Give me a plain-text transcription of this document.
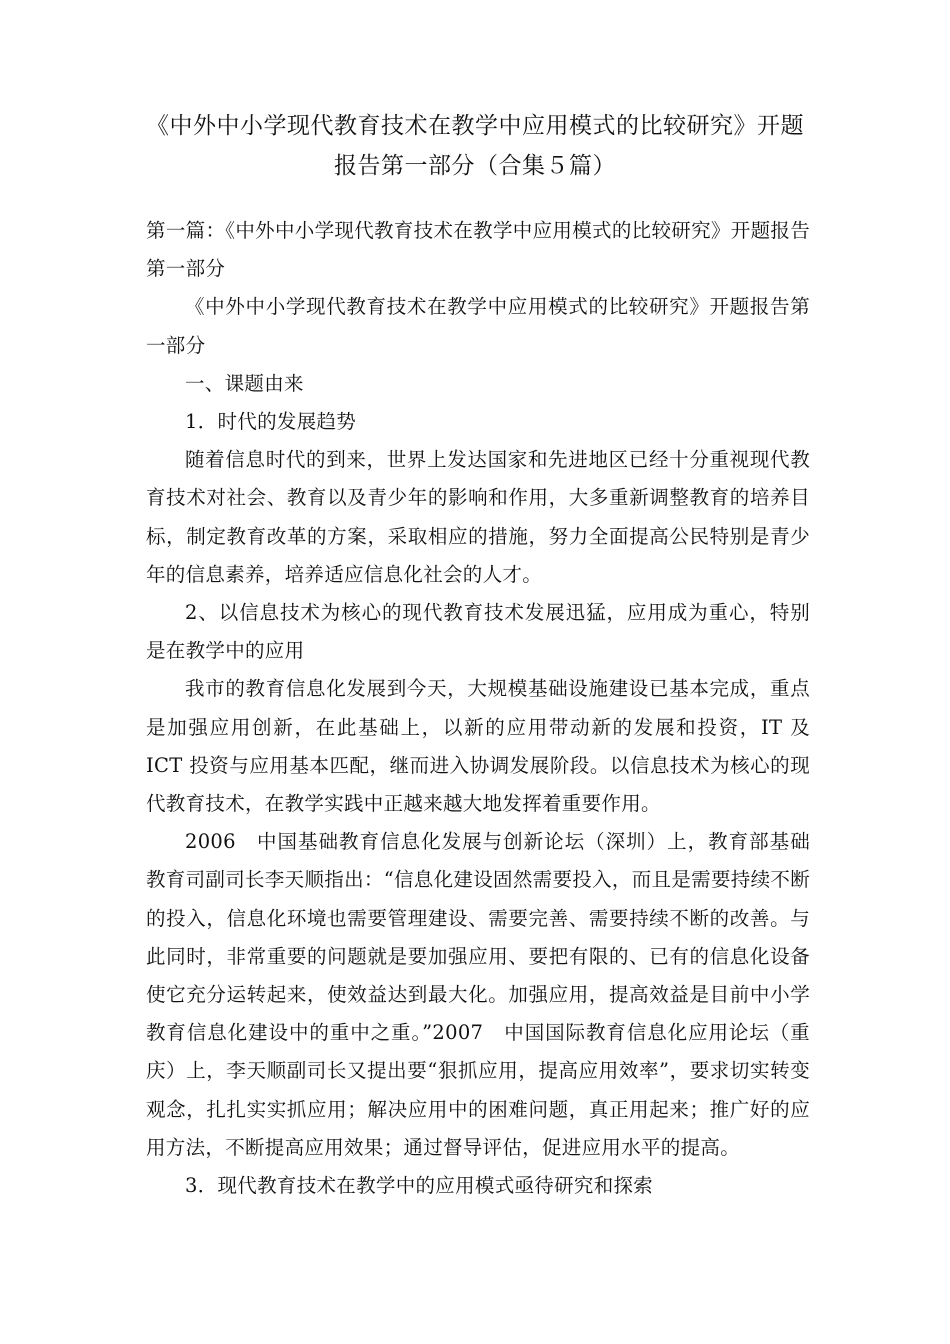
《中外中小学现代教育技术在教学中应用模式的比较研究》开题报告第一部分（合集５篇）

第一篇：《中外中小学现代教育技术在教学中应用模式的比较研究》开题报告第一部分

《中外中小学现代教育技术在教学中应用模式的比较研究》开题报告第一部分

一、课题由来

1．时代的发展趋势

随着信息时代的到来，世界上发达国家和先进地区已经十分重视现代教育技术对社会、教育以及青少年的影响和作用，大多重新调整教育的培养目标，制定教育改革的方案，采取相应的措施，努力全面提高公民特别是青少年的信息素养，培养适应信息化社会的人才。

2、以信息技术为核心的现代教育技术发展迅猛，应用成为重心，特别是在教学中的应用

我市的教育信息化发展到今天，大规模基础设施建设已基本完成，重点是加强应用创新，在此基础上，以新的应用带动新的发展和投资，IT 及 ICT 投资与应用基本匹配，继而进入协调发展阶段。以信息技术为核心的现代教育技术，在教学实践中正越来越大地发挥着重要作用。

2006　中国基础教育信息化发展与创新论坛（深圳）上，教育部基础教育司副司长李天顺指出：“信息化建设固然需要投入，而且是需要持续不断的投入，信息化环境也需要管理建设、需要完善、需要持续不断的改善。与此同时，非常重要的问题就是要加强应用、要把有限的、已有的信息化设备使它充分运转起来，使效益达到最大化。加强应用，提高效益是目前中小学教育信息化建设中的重中之重。”2007　中国国际教育信息化应用论坛（重庆）上，李天顺副司长又提出要“狠抓应用，提高应用效率”，要求切实转变观念，扎扎实实抓应用；解决应用中的困难问题，真正用起来；推广好的应用方法，不断提高应用效果；通过督导评估，促进应用水平的提高。

3．现代教育技术在教学中的应用模式亟待研究和探索
